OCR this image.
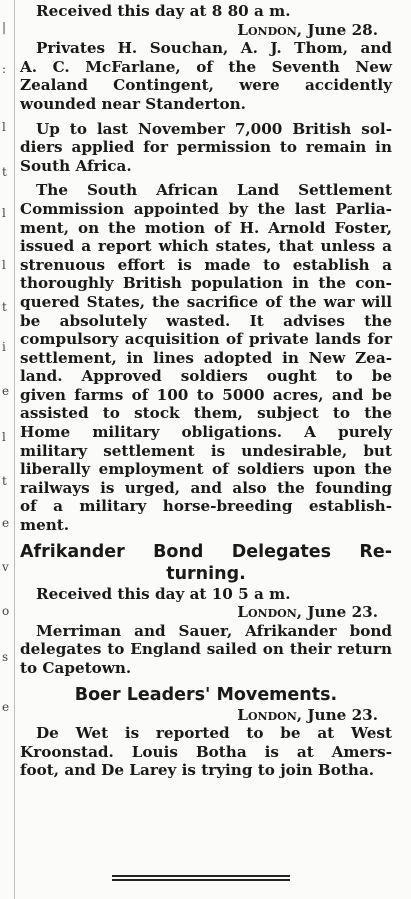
|
:
l
t
l
l
t
i
e
l
t
e
v
o
s
e
Received this day at 8 80 a m.
London, June 28.
Privates H. Souchan, A. J. Thom, and
A. C. McFarlane, of the Seventh New
Zealand Contingent, were accidently
wounded near Standerton.
Up to last November 7,000 British sol-
diers applied for permission to remain in
South Africa.
The South African Land Settlement
Commission appointed by the last Parlia-
ment, on the motion of H. Arnold Foster,
issued a report which states, that unless a
strenuous effort is made to establish a
thoroughly British population in the con-
quered States, the sacrifice of the war will
be absolutely wasted. It advises the
compulsory acquisition of private lands for
settlement, in lines adopted in New Zea-
land. Approved soldiers ought to be
given farms of 100 to 5000 acres, and be
assisted to stock them, subject to the
Home military obligations. A purely
military settlement is undesirable, but
liberally employment of soldiers upon the
railways is urged, and also the founding
of a military horse-breeding establish-
ment.
Afrikander Bond Delegates Re-
turning.
Received this day at 10 5 a m.
London, June 23.
Merriman and Sauer, Afrikander bond
delegates to England sailed on their return
to Capetown.
Boer Leaders' Movements.
London, June 23.
De Wet is reported to be at West
Kroonstad. Louis Botha is at Amers-
foot, and De Larey is trying to join Botha.
